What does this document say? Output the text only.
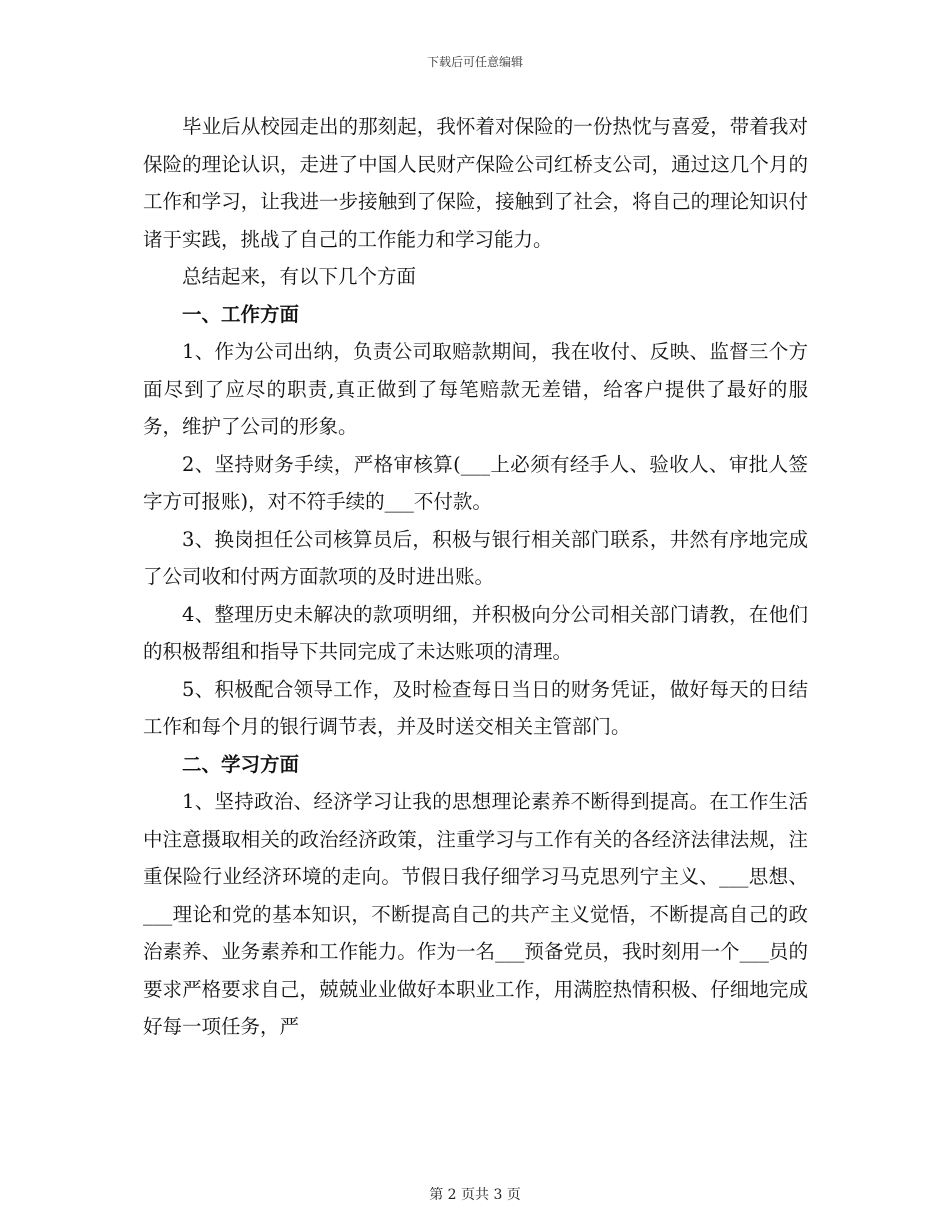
下载后可任意编辑

毕业后从校园走出的那刻起，我怀着对保险的一份热忱与喜爱，带着我对保险的理论认识，走进了中国人民财产保险公司红桥支公司，通过这几个月的工作和学习，让我进一步接触到了保险，接触到了社会，将自己的理论知识付诸于实践，挑战了自己的工作能力和学习能力。

总结起来，有以下几个方面

一、工作方面

1、作为公司出纳，负责公司取赔款期间，我在收付、反映、监督三个方面尽到了应尽的职责,真正做到了每笔赔款无差错，给客户提供了最好的服务，维护了公司的形象。

2、坚持财务手续，严格审核算(___上必须有经手人、验收人、审批人签字方可报账)，对不符手续的___不付款。

3、换岗担任公司核算员后，积极与银行相关部门联系，井然有序地完成了公司收和付两方面款项的及时进出账。

4、整理历史未解决的款项明细，并积极向分公司相关部门请教，在他们的积极帮组和指导下共同完成了未达账项的清理。

5、积极配合领导工作，及时检查每日当日的财务凭证，做好每天的日结工作和每个月的银行调节表，并及时送交相关主管部门。

二、学习方面

1、坚持政治、经济学习让我的思想理论素养不断得到提高。在工作生活中注意摄取相关的政治经济政策，注重学习与工作有关的各经济法律法规，注重保险行业经济环境的走向。节假日我仔细学习马克思列宁主义、___思想、___理论和党的基本知识，不断提高自己的共产主义觉悟，不断提高自己的政治素养、业务素养和工作能力。作为一名___预备党员，我时刻用一个___员的要求严格要求自己，兢兢业业做好本职业工作，用满腔热情积极、仔细地完成好每一项任务，严

第 2 页共 3 页
